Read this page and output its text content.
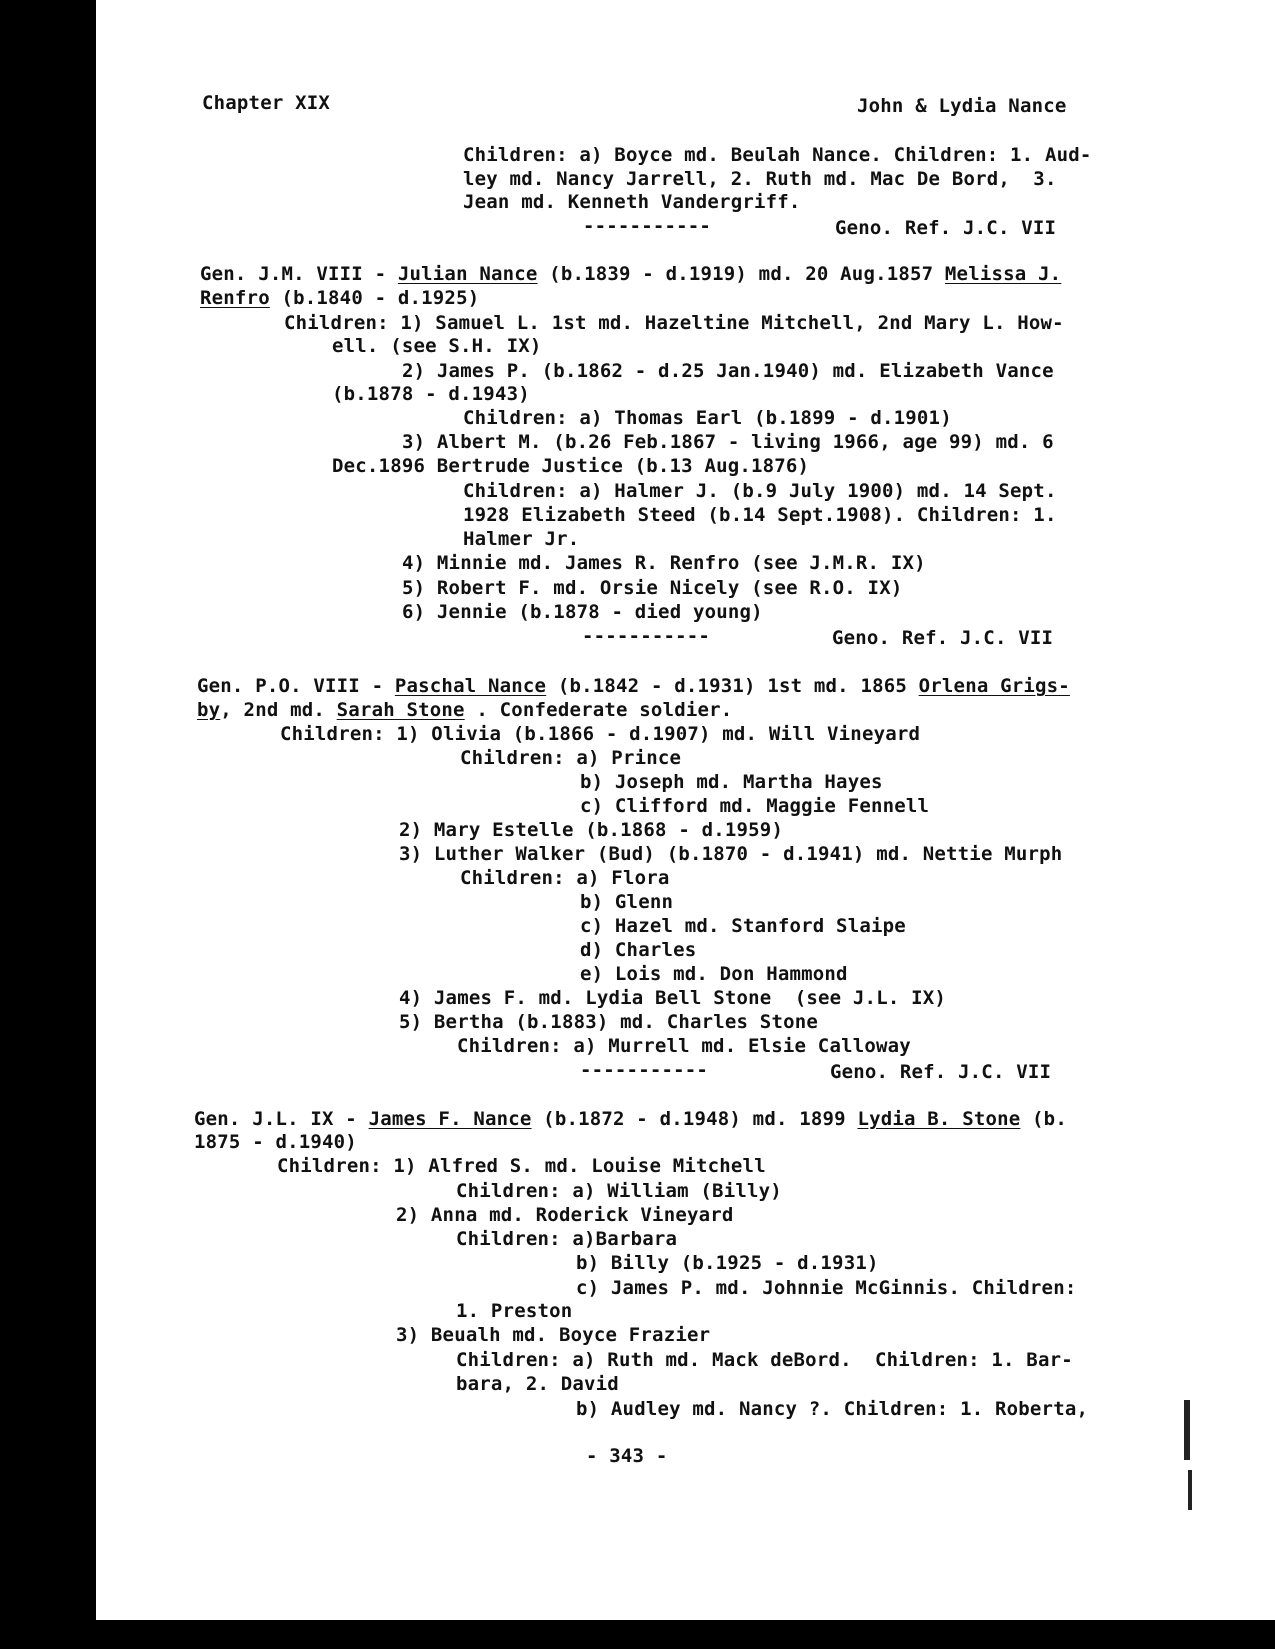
Chapter XIX	John & Lydia Nance
Children: a) Boyce md. Beulah Nance. Children: 1. Aud-
ley md. Nancy Jarrell, 2. Ruth md. Mac De Bord,  3.
Jean md. Kenneth Vandergriff.
-----------	Geno. Ref. J.C. VII
Gen. J.M. VIII - Julian Nance (b.1839 - d.1919) md. 20 Aug.1857 Melissa J.
Renfro (b.1840 - d.1925)
Children: 1) Samuel L. 1st md. Hazeltine Mitchell, 2nd Mary L. How-
ell. (see S.H. IX)
2) James P. (b.1862 - d.25 Jan.1940) md. Elizabeth Vance
(b.1878 - d.1943)
Children: a) Thomas Earl (b.1899 - d.1901)
3) Albert M. (b.26 Feb.1867 - living 1966, age 99) md. 6
Dec.1896 Bertrude Justice (b.13 Aug.1876)
Children: a) Halmer J. (b.9 July 1900) md. 14 Sept.
1928 Elizabeth Steed (b.14 Sept.1908). Children: 1.
Halmer Jr.
4) Minnie md. James R. Renfro (see J.M.R. IX)
5) Robert F. md. Orsie Nicely (see R.O. IX)
6) Jennie (b.1878 - died young)
-----------	Geno. Ref. J.C. VII
Gen. P.O. VIII - Paschal Nance (b.1842 - d.1931) 1st md. 1865 Orlena Grigs-
by, 2nd md. Sarah Stone . Confederate soldier.
Children: 1) Olivia (b.1866 - d.1907) md. Will Vineyard
Children: a) Prince
b) Joseph md. Martha Hayes
c) Clifford md. Maggie Fennell
2) Mary Estelle (b.1868 - d.1959)
3) Luther Walker (Bud) (b.1870 - d.1941) md. Nettie Murph
Children: a) Flora
b) Glenn
c) Hazel md. Stanford Slaipe
d) Charles
e) Lois md. Don Hammond
4) James F. md. Lydia Bell Stone  (see J.L. IX)
5) Bertha (b.1883) md. Charles Stone
Children: a) Murrell md. Elsie Calloway
-----------	Geno. Ref. J.C. VII
Gen. J.L. IX - James F. Nance (b.1872 - d.1948) md. 1899 Lydia B. Stone (b.
1875 - d.1940)
Children: 1) Alfred S. md. Louise Mitchell
Children: a) William (Billy)
2) Anna md. Roderick Vineyard
Children: a)Barbara
b) Billy (b.1925 - d.1931)
c) James P. md. Johnnie McGinnis. Children:
1. Preston
3) Beualh md. Boyce Frazier
Children: a) Ruth md. Mack deBord.  Children: 1. Bar-
bara, 2. David
b) Audley md. Nancy ?. Children: 1. Roberta,
- 343 -
